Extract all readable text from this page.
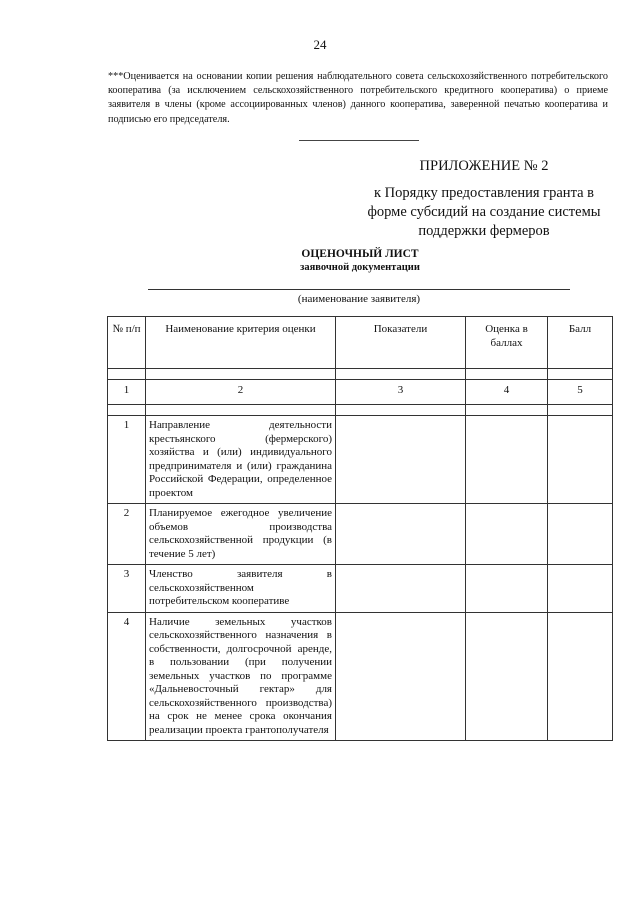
24
***Оценивается на основании копии решения наблюдательного совета сельскохозяйственного потребительского кооператива (за исключением сельскохозяйственного потребительского кредитного кооператива) о приеме заявителя в члены (кроме ассоциированных членов) данного кооператива, заверенной печатью кооператива и подписью его председателя.
ПРИЛОЖЕНИЕ № 2
к Порядку предоставления гранта в форме субсидий на создание системы поддержки фермеров
ОЦЕНОЧНЫЙ ЛИСТ
заявочной документации
(наименование заявителя)
№ п/п	Наименование критерия оценки	Показатели	Оценка в баллах	Балл

1	2	3	4	5

1	Направление деятельности крестьянского (фермерского) хозяйства и (или) индивидуального предпринимателя и (или) гражданина Российской Федерации, определенное проектом			
2	Планируемое ежегодное увеличение объемов производства сельскохозяйственной продукции (в течение 5 лет)			
3	Членство заявителя в сельскохозяйственном потребительском кооперативе			
4	Наличие земельных участков сельскохозяйственного назначения в собственности, долгосрочной аренде, в пользовании (при получении земельных участков по программе «Дальневосточный гектар» для сельскохозяйственного производства) на срок не менее срока окончания реализации проекта грантополучателя			
